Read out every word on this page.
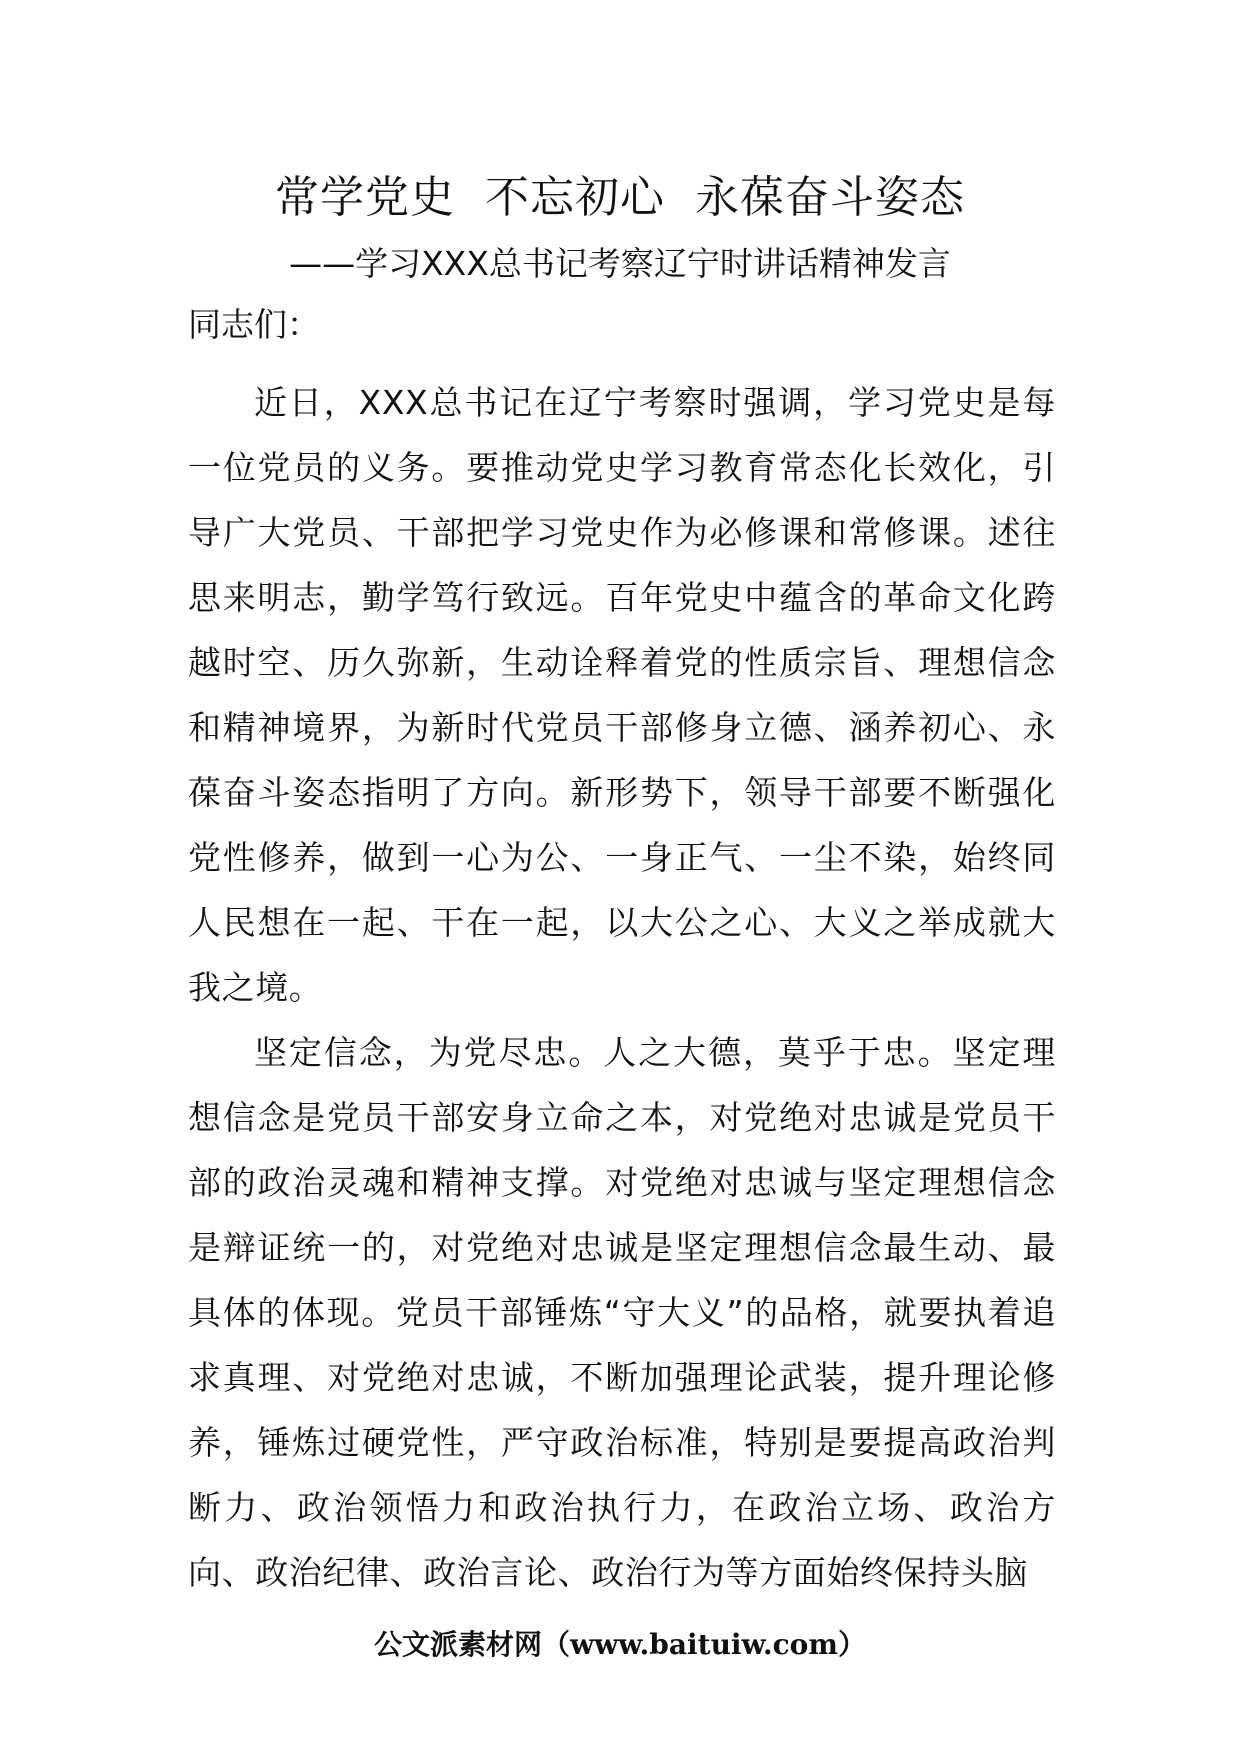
常学党史  不忘初心  永葆奋斗姿态
——学习XXX总书记考察辽宁时讲话精神发言
同志们：

近日，XXX总书记在辽宁考察时强调，学习党史是每一位党员的义务。要推动党史学习教育常态化长效化，引导广大党员、干部把学习党史作为必修课和常修课。述往思来明志，勤学笃行致远。百年党史中蕴含的革命文化跨越时空、历久弥新，生动诠释着党的性质宗旨、理想信念和精神境界，为新时代党员干部修身立德、涵养初心、永葆奋斗姿态指明了方向。新形势下，领导干部要不断强化党性修养，做到一心为公、一身正气、一尘不染，始终同人民想在一起、干在一起，以大公之心、大义之举成就大我之境。

坚定信念，为党尽忠。人之大德，莫乎于忠。坚定理想信念是党员干部安身立命之本，对党绝对忠诚是党员干部的政治灵魂和精神支撑。对党绝对忠诚与坚定理想信念是辩证统一的，对党绝对忠诚是坚定理想信念最生动、最具体的体现。党员干部锤炼“守大义”的品格，就要执着追求真理、对党绝对忠诚，不断加强理论武装，提升理论修养，锤炼过硬党性，严守政治标准，特别是要提高政治判断力、政治领悟力和政治执行力，在政治立场、政治方向、政治纪律、政治言论、政治行为等方面始终保持头脑

公文派素材网（www.baituiw.com）
